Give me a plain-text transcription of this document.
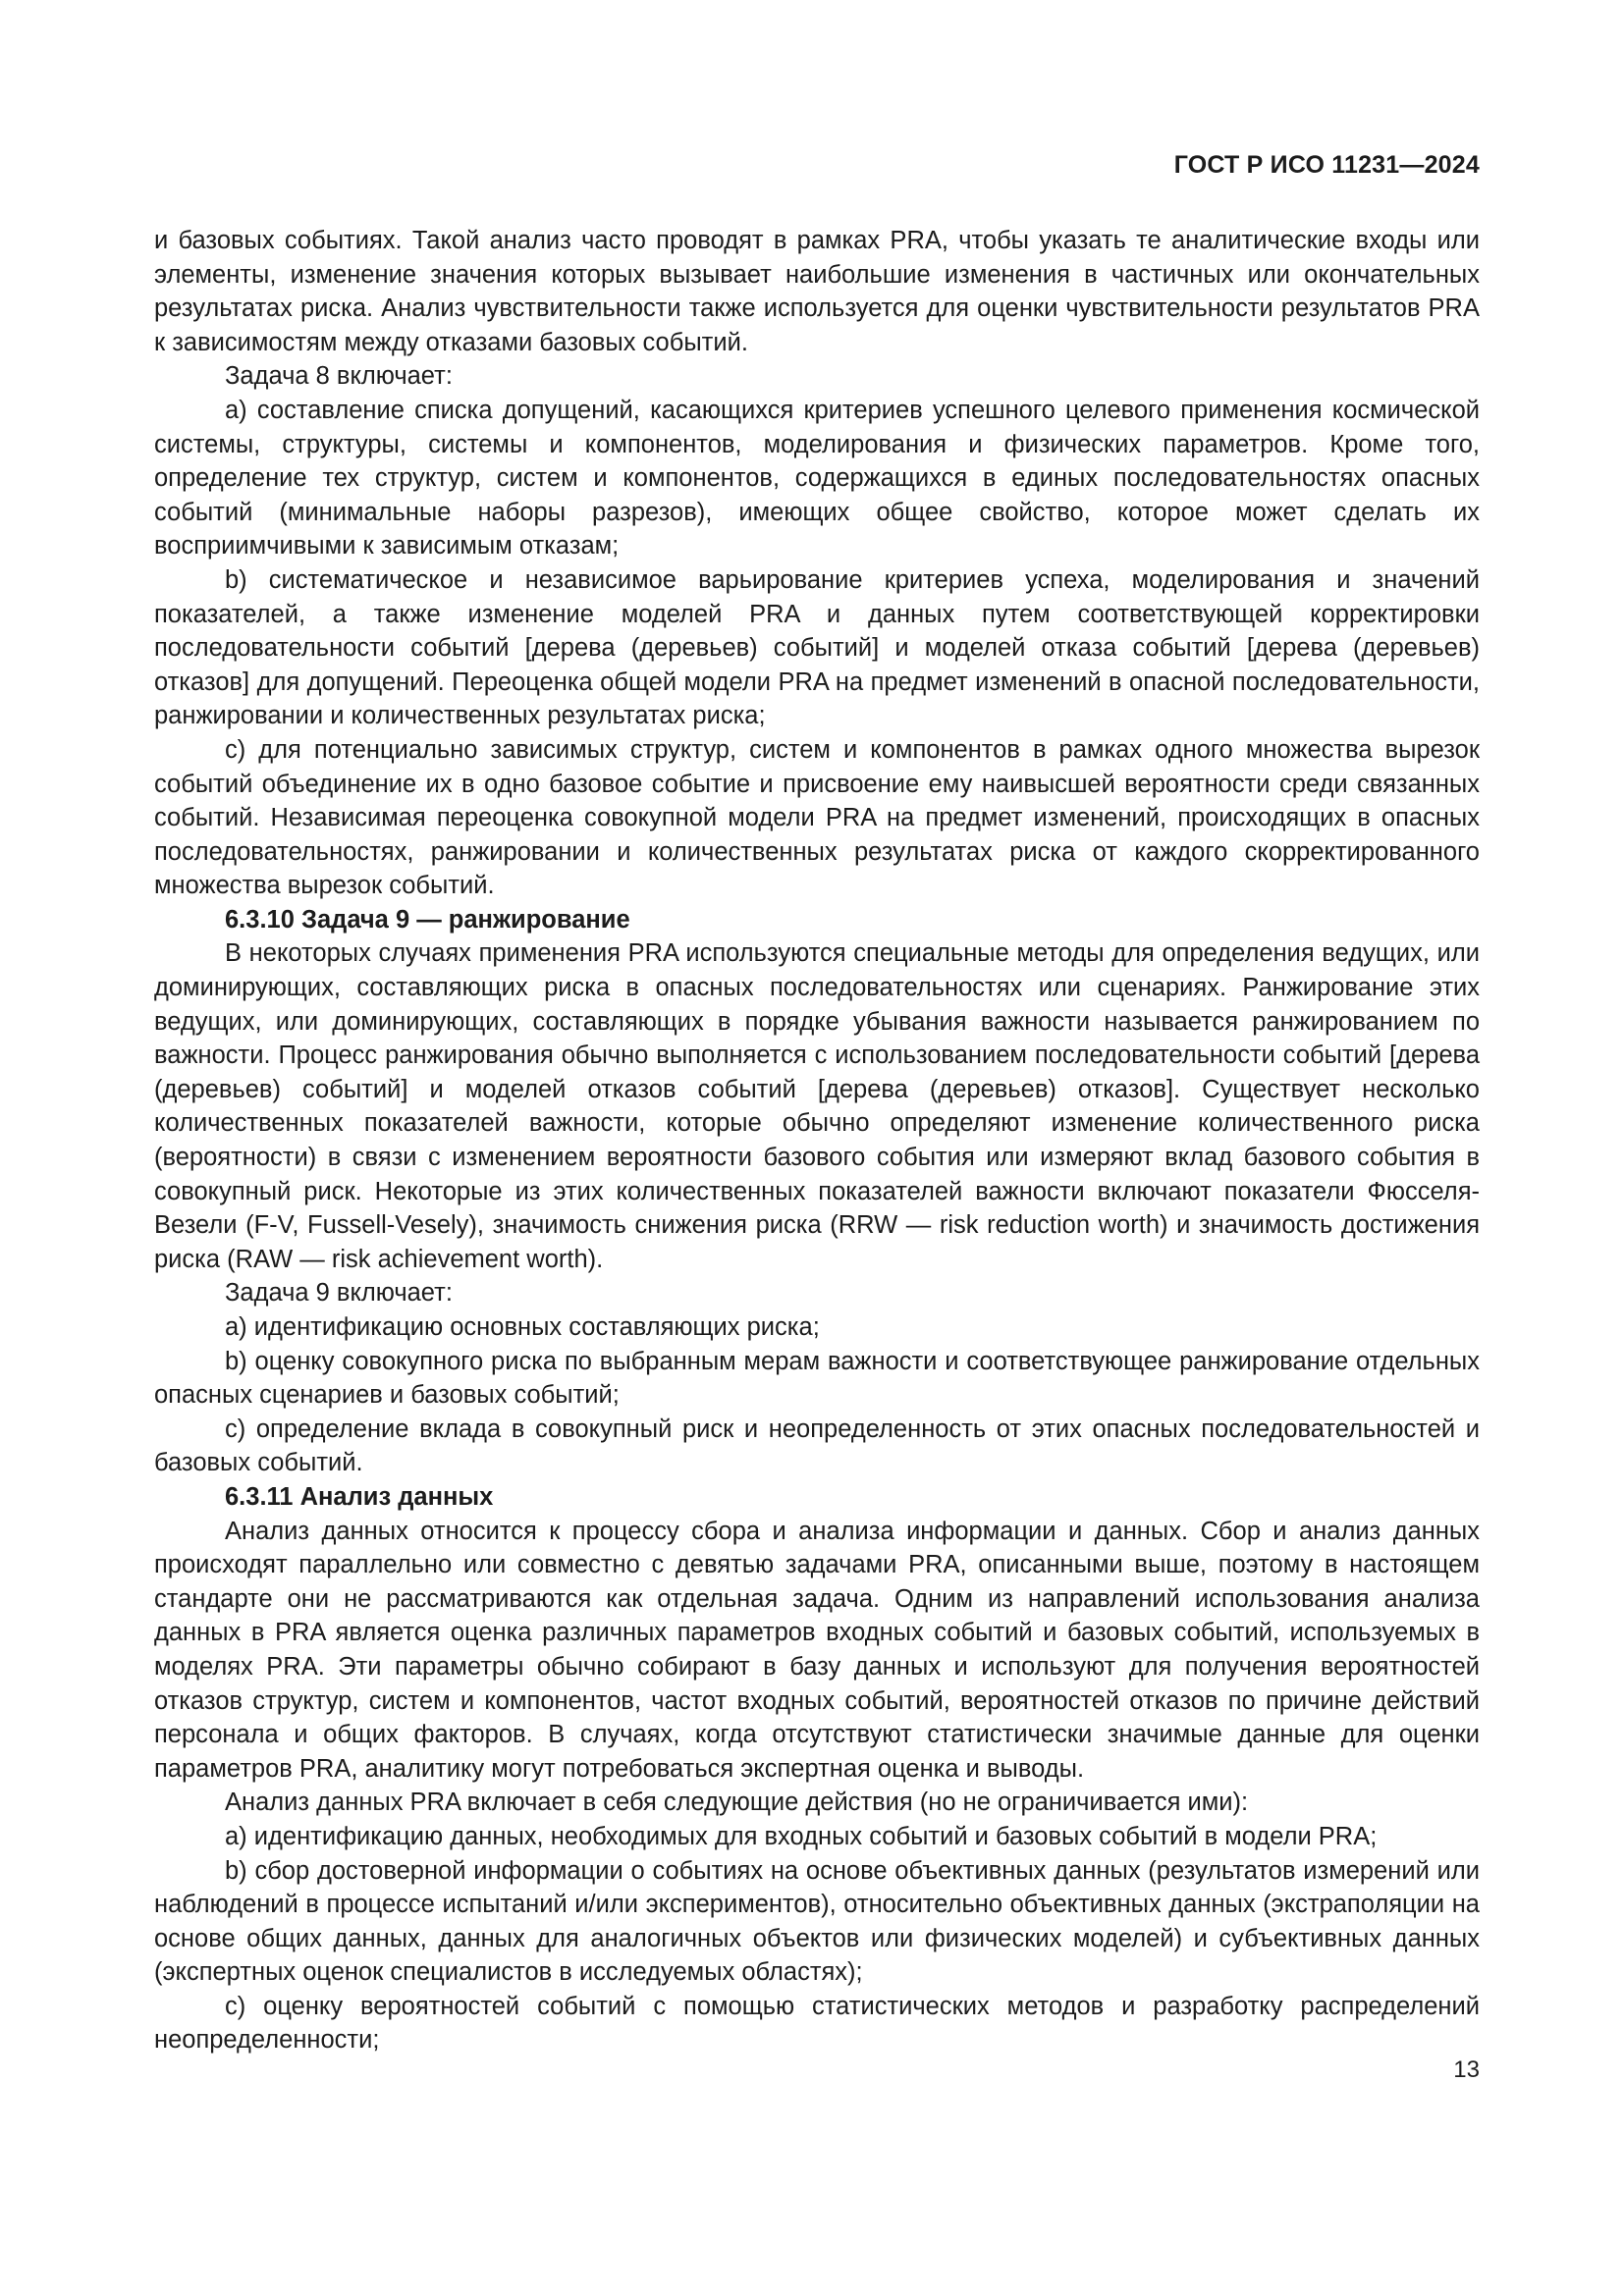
ГОСТ Р ИСО 11231—2024

и базовых событиях. Такой анализ часто проводят в рамках PRA, чтобы указать те аналитические входы или элементы, изменение значения которых вызывает наибольшие изменения в частичных или окончательных результатах риска. Анализ чувствительности также используется для оценки чувствительности результатов PRA к зависимостям между отказами базовых событий.

Задача 8 включает:

a) составление списка допущений, касающихся критериев успешного целевого применения космической системы, структуры, системы и компонентов, моделирования и физических параметров. Кроме того, определение тех структур, систем и компонентов, содержащихся в единых последовательностях опасных событий (минимальные наборы разрезов), имеющих общее свойство, которое может сделать их восприимчивыми к зависимым отказам;

b) систематическое и независимое варьирование критериев успеха, моделирования и значений показателей, а также изменение моделей PRA и данных путем соответствующей корректировки последовательности событий [дерева (деревьев) событий] и моделей отказа событий [дерева (деревьев) отказов] для допущений. Переоценка общей модели PRA на предмет изменений в опасной последовательности, ранжировании и количественных результатах риска;

c) для потенциально зависимых структур, систем и компонентов в рамках одного множества вырезок событий объединение их в одно базовое событие и присвоение ему наивысшей вероятности среди связанных событий. Независимая переоценка совокупной модели PRA на предмет изменений, происходящих в опасных последовательностях, ранжировании и количественных результатах риска от каждого скорректированного множества вырезок событий.

6.3.10 Задача 9 — ранжирование

В некоторых случаях применения PRA используются специальные методы для определения ведущих, или доминирующих, составляющих риска в опасных последовательностях или сценариях. Ранжирование этих ведущих, или доминирующих, составляющих в порядке убывания важности называется ранжированием по важности. Процесс ранжирования обычно выполняется с использованием последовательности событий [дерева (деревьев) событий] и моделей отказов событий [дерева (деревьев) отказов]. Существует несколько количественных показателей важности, которые обычно определяют изменение количественного риска (вероятности) в связи с изменением вероятности базового события или измеряют вклад базового события в совокупный риск. Некоторые из этих количественных показателей важности включают показатели Фюсселя-Везели (F-V, Fussell-Vesely), значимость снижения риска (RRW — risk reduction worth) и значимость достижения риска (RAW — risk achievement worth).

Задача 9 включает:

a) идентификацию основных составляющих риска;

b) оценку совокупного риска по выбранным мерам важности и соответствующее ранжирование отдельных опасных сценариев и базовых событий;

c) определение вклада в совокупный риск и неопределенность от этих опасных последовательностей и базовых событий.

6.3.11 Анализ данных

Анализ данных относится к процессу сбора и анализа информации и данных. Сбор и анализ данных происходят параллельно или совместно с девятью задачами PRA, описанными выше, поэтому в настоящем стандарте они не рассматриваются как отдельная задача. Одним из направлений использования анализа данных в PRA является оценка различных параметров входных событий и базовых событий, используемых в моделях PRA. Эти параметры обычно собирают в базу данных и используют для получения вероятностей отказов структур, систем и компонентов, частот входных событий, вероятностей отказов по причине действий персонала и общих факторов. В случаях, когда отсутствуют статистически значимые данные для оценки параметров PRA, аналитику могут потребоваться экспертная оценка и выводы.

Анализ данных PRA включает в себя следующие действия (но не ограничивается ими):

a) идентификацию данных, необходимых для входных событий и базовых событий в модели PRA;

b) сбор достоверной информации о событиях на основе объективных данных (результатов измерений или наблюдений в процессе испытаний и/или экспериментов), относительно объективных данных (экстраполяции на основе общих данных, данных для аналогичных объектов или физических моделей) и субъективных данных (экспертных оценок специалистов в исследуемых областях);

c) оценку вероятностей событий с помощью статистических методов и разработку распределений неопределенности;

13
